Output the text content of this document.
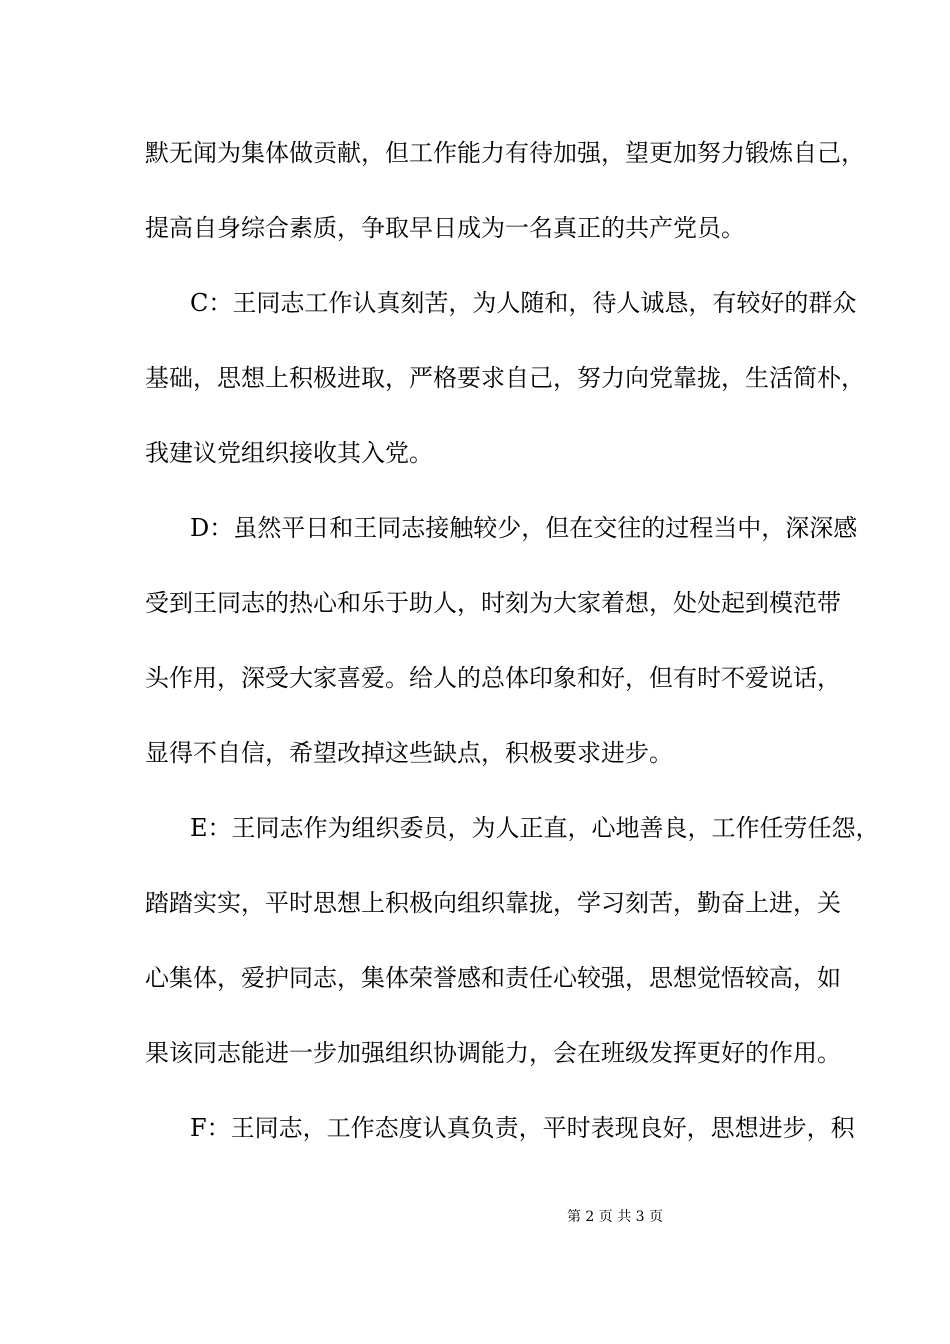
默无闻为集体做贡献，但工作能力有待加强，望更加努力锻炼自己，
提高自身综合素质，争取早日成为一名真正的共产党员。
C：王同志工作认真刻苦，为人随和，待人诚恳，有较好的群众
基础，思想上积极进取，严格要求自己，努力向党靠拢，生活简朴，
我建议党组织接收其入党。
D：虽然平日和王同志接触较少，但在交往的过程当中，深深感
受到王同志的热心和乐于助人，时刻为大家着想，处处起到模范带
头作用，深受大家喜爱。给人的总体印象和好，但有时不爱说话，
显得不自信，希望改掉这些缺点，积极要求进步。
E：王同志作为组织委员，为人正直，心地善良，工作任劳任怨，
踏踏实实，平时思想上积极向组织靠拢，学习刻苦，勤奋上进，关
心集体，爱护同志，集体荣誉感和责任心较强，思想觉悟较高，如
果该同志能进一步加强组织协调能力，会在班级发挥更好的作用。
F：王同志，工作态度认真负责，平时表现良好，思想进步，积
第 2 页 共 3 页
